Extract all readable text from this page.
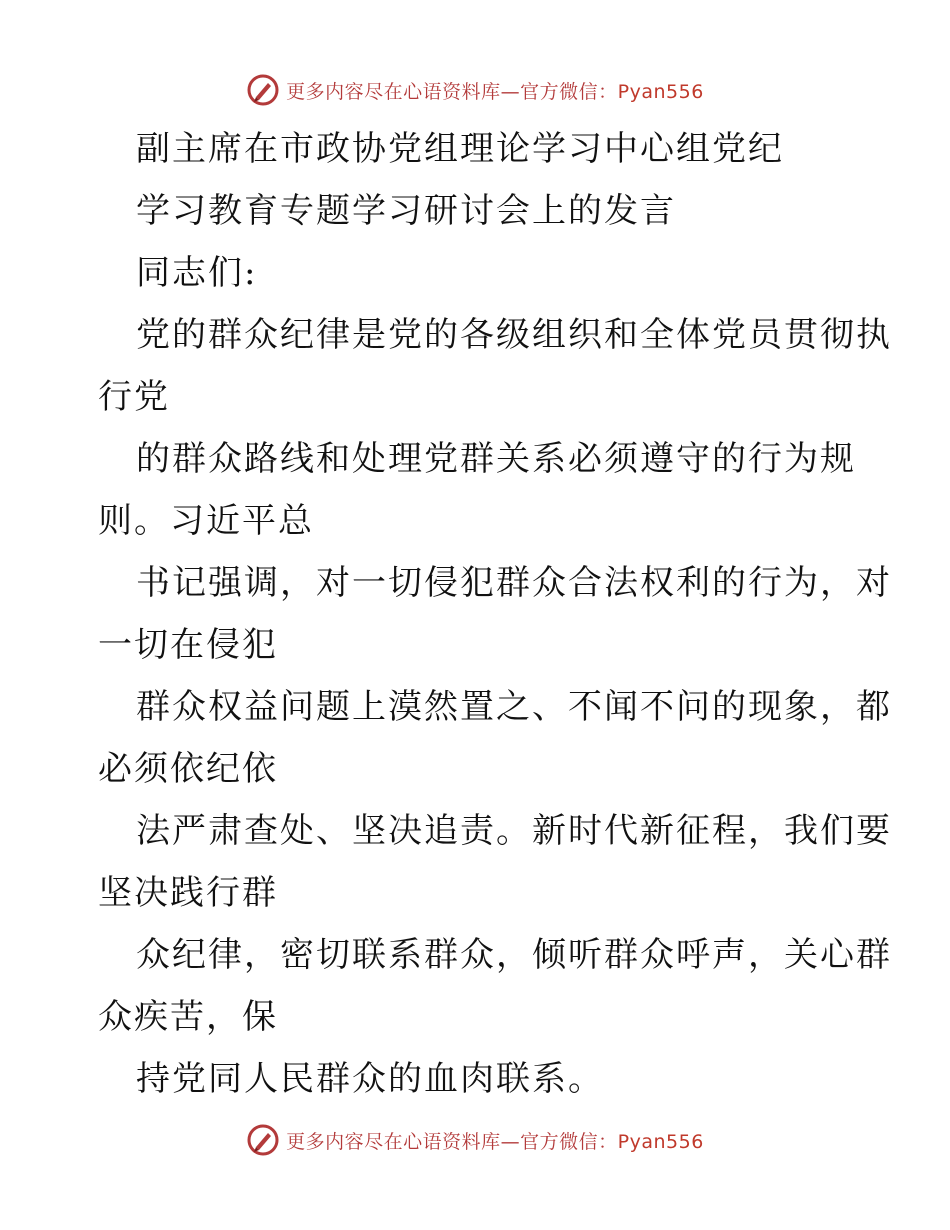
更多内容尽在心语资料库—官方微信：Pyan556
副主席在市政协党组理论学习中心组党纪
学习教育专题学习研讨会上的发言
同志们:
党的群众纪律是党的各级组织和全体党员贯彻执
行党
的群众路线和处理党群关系必须遵守的行为规
则。习近平总
书记强调，对一切侵犯群众合法权利的行为，对
一切在侵犯
群众权益问题上漠然置之、不闻不问的现象，都
必须依纪依
法严肃查处、坚决追责。新时代新征程，我们要
坚决践行群
众纪律，密切联系群众，倾听群众呼声，关心群
众疾苦，保
持党同人民群众的血肉联系。
更多内容尽在心语资料库—官方微信：Pyan556
